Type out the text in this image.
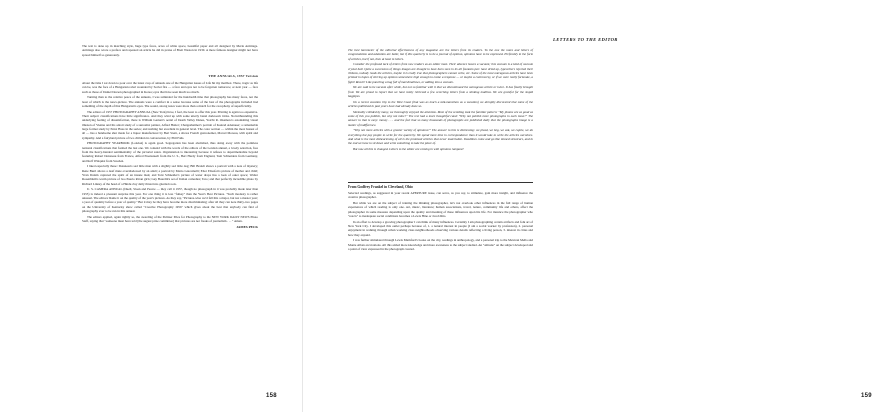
The text is done up in matching style, huge type faces, acres of white space, beautiful paper and all designed by Merle Armitage. Armitage also wrote a preface and repeated an article he did in praise of Brett Weston in 1930. A more famous designer might not have spread himself so generously.

THE ANNUALS, 1957 Version

About the time I sat down to pour over the latest crop of annuals one of the Hungarian issues of Life hit my mailbox. There, tragic as life can be, was the face of a Hungarian rebel wounded by Soviet fire — a face and eyes not to be forgotten tomorrow, or next year — face such as those of Daniel Dorsen photographed in Korea; eyes that have seen much too much.

Turning then to the relative peace of the annuals, I was reminded for the hundredth time that photography has many faces, not the least of which is the news-picture. The annuals were a comfort in a sense because some of the best of the photographs included had something of the depth of that Hungarian's eyes. The sound, strong notes were more than a match for the cacophony of superficiality.

The editors of 1957 PHOTOGRAPHY ANNUAL (New York) have, I feel, the least to offer this year. Printing is again too expensive. Their subject classifications have little significance. And they wind up with some utterly banal darkroom tricks. Notwithstanding this underlying feeling of dissatisfaction, there is William Garnett's aerial of Death Valley Dunes, Yoichi R. Okamoto's astonishing visual illusion of Vienna and his adroit study of a surrealist painter, Alfred Hutter; Chargesheimer's portrait of Konrad Adenauer; a remarkable large format study by Ernst Haas in the series; and nothing but excellent in general level. The color section — within the most honest of all — has a handsome shot made for a liquor manufacturer by Bert Stern, a shows French gastronomer, Marcel Moreau, with spirit and sympathy. And a fairyland picture of two children in conversation, by Phil Fahs.

PHOTOGRAPHY YEARBOOK (London) is again good. Segregation has been abolished, thus doing away with the pointless national classifications that formed the last one. We contend with the words of the editors of the London annual, a lovely selection, free from the heavy-handed sentimentality of the pictorial salon. Organization is interesting because it refuses to departmentalize beyond featuring Robert Doisneau from France, Alfred Eisenstaedt from the U. S., Bert Hardy from England, Toni Schneiders from Germany, and Rolf Winquist from Sweden.

I liked especially these: Doisneau's sad little man with a slightly sad little dog; Bill Brandt shows a portrait with a note of mystery; Rene Burri shows a deaf mute overshadowed by an adult; a portrait by Mario Giacomelli; Eliot Elisofon's picture of mother and child; Yvan Dalain captured the spirit of an insane man; and Toni Schneider's picture of water drops has a look of outer space; Walter Rosenblum's warm picture of two Puerto Rican girls; Guy Bourdin's set of Italian comedies; Toto; and that perfectly incredible photo by Richard Linney of the head of a Hindu clay daily thrust into gnarled roots.

U. S. CAMERA ANNUAL (Duell, Sloan and Pearce — they call it 1957, though no photograph in it was probably made later than 1955) is indeed a pleasant surprise this year. For one thing it is less "folksy" than the Year's Best Pictures. "Such modesty is rather unusual. The editors blame it on the quality of the year's pictures. As they say, "Pictures-wise we'd fall this a major, but not a master year; a year of quantity before a year of quality." But it may be they have become more discriminating; after all they can note thirty-two pages on the University of Kentucky show called "Creative Photography 1956" which gives about the best that anybody can find of photography ever to be run in this annual.

The editors applied, again rightly so, the awarding of the Pulitzer Prize for Photography to the NEW YORK DAILY NEWS Photo Staff, saying that "someone must have told [the august prize committee] that pictures are not freaks of journalism . . . " Amen.

JAMES PECK
158
LETTERS TO THE EDITOR

The best barometer of the editorial effectiveness of any magazine are the letters from its readers. To the one the notes and letters of congratulation and adulation are balm; but if this quarterly is to be a journal of opinion, opinions have to be expressed. Preferably in the form of articles, but if not, then at least in letters.

Consider the profound lack of letters from new readers as an editor must. Their absence leaves a vacuum; this vacuum is a kind of vacuum crystal ball. Quite a succession of things images are thought to have been seen in its all fountain pen: have dried up, typewriters rejected their ribbons, nobody reads the articles, maybe it is really true that photographers cannot write, etc. Some of the most outrageous articles have been printed in hopes of stirring up opinion somewhere high enough to evoke a response — or maybe a controversy, or if we were really fortunate, a fight! Result? Like punching a bag full of marshmallows, or adding into a vacuum.

We are said to be vacuum after while, but not so familiar with it that we discontinued the outrageous article or twice. It has finally brought fruit. We are proud to report that we have lately retrieved a few scorching letters from a stinking mailbox. We are grateful for the stupid bagpipes.

On a recent vacation trip to the West Coast (that was as much a talk-marathon as a vacation) we abruptly discovered that some of the articles published in past years have had already done so.

Sitemedly collided by many, we thoroughly enjoyed the attention. Most of the scolding took the familiar pattern: "My photos are as good as some of this you publish, but why not mine?" The rest had a more thoughtful cand: "Why not publish more photographs in each issue?" The answer to that is easy: money . . . and the fact that so many thousands of photographs are published daily that the photographs image is a matter of indifference.

"Why not more articles with a greater variety of opinions?" The answer to this is distressing: we plead, we beg, we ask, we cajole, we do everything but pay people to write for the quarterly. We spend more time in correspondence than it would take to write the articles ourselves. And what is the most disheartening of all is the promised articles that never materialize. Deadlines come and go like missed streetcars, and in the end we have to sit down and write something to take the place of.

But now all this is changed. Letters to the editor are coming in with opinions rampant!

From Godfrey Frankel in Cleveland, Ohio

Selected readings, as suggested in your recent APERTURE issue, can serve, as you say, to stimulate, gain more insight, and influence the creative photographer.

But while we are on the subject of training the thinking photographer, let's not overlook other influences in the full range of human experiences of which reading is only one. Art, music, literature; human associations, travel, nature, community life and others, affect the photographer in some measure depending upon the quality and meaning of these influences upon his life. For instance the photographer who "reacts" to inadequate social conditions becomes a Lewis Hine or Jacob Riis.

In an effort to develop a growing photographer I can think of many influences. Certainly I am photographing certain artifacts and folk art of New York City. I developed this outlet perhaps because of, 1. a natural interest in people (I am a social worker by profession), 2. personal enjoyment in walking through urban working class neighborhoods observing various details reflecting a living person, 3. interest in cities and how they expand.

I was further stimulated through Lewis Mumford's books on the city, readings in anthropology, and a personal trip to the Mexican Mella and Monte Alban excavations. All this added more knowledge and more awareness to the subject studied. An "attitude" on the subject developed and a point of view expressed in the photograph created.

159
